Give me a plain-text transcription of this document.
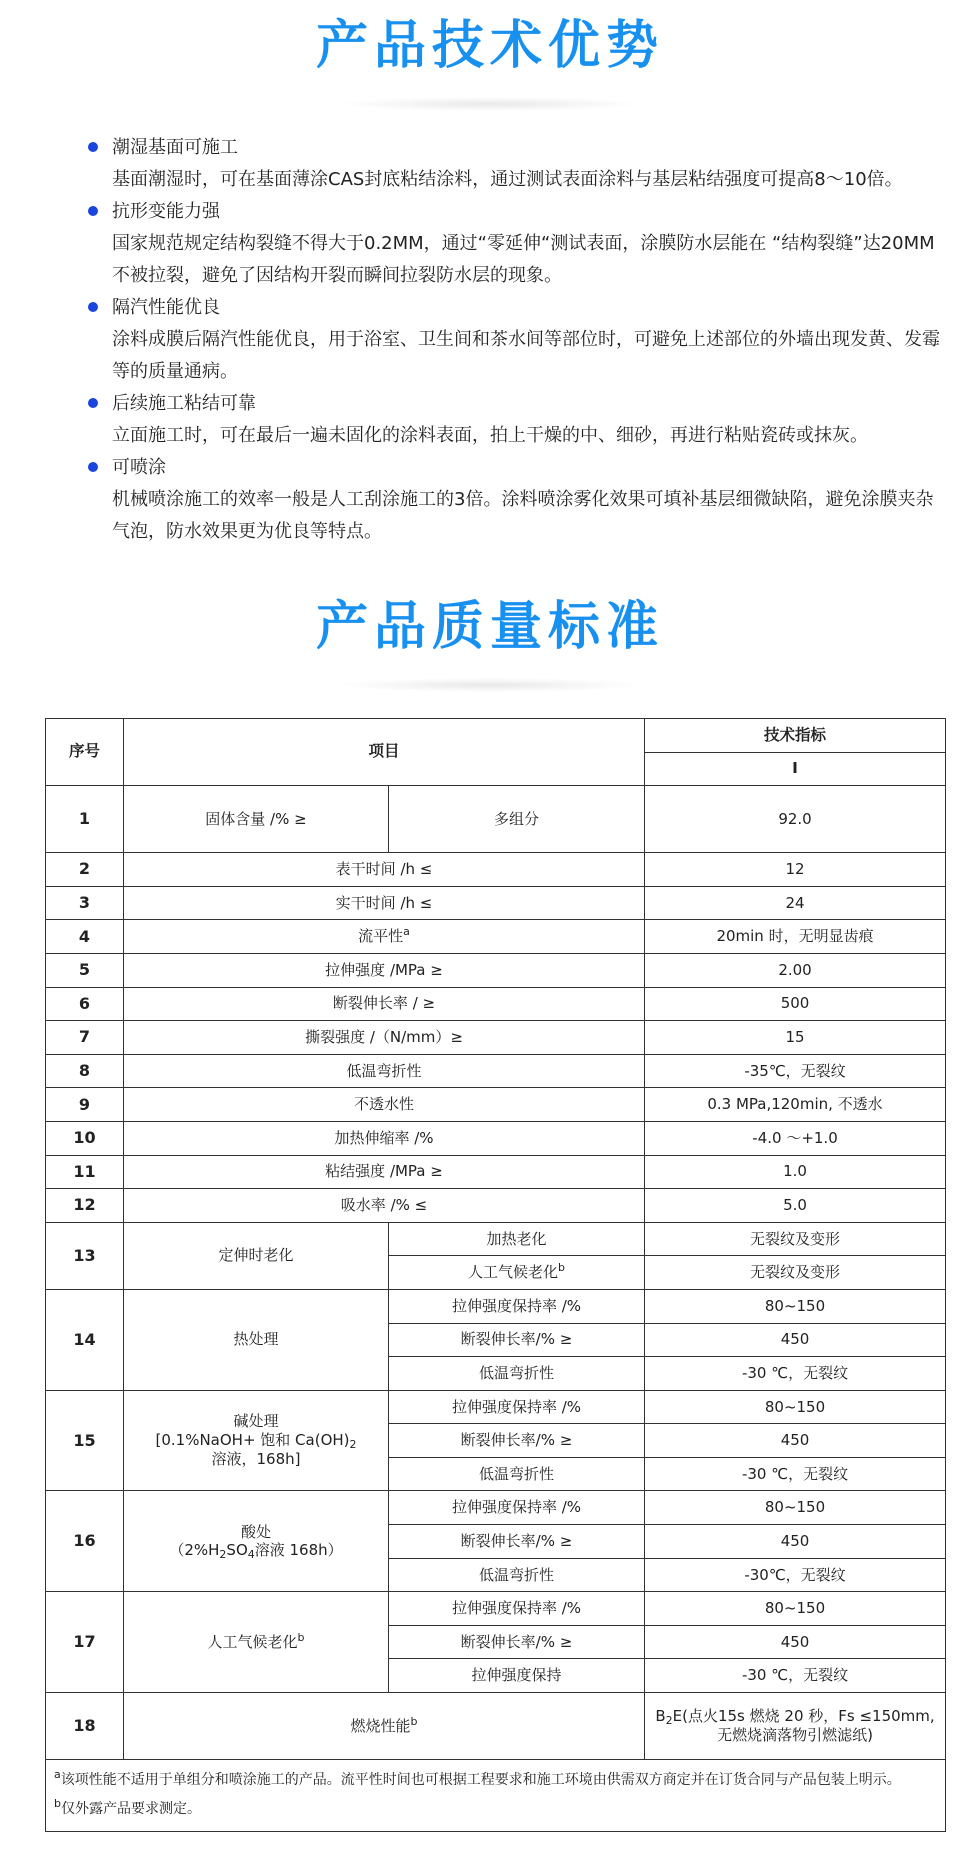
产品技术优势
潮湿基面可施工
基面潮湿时，可在基面薄涂CAS封底粘结涂料，通过测试表面涂料与基层粘结强度可提高8～10倍。
抗形变能力强
国家规范规定结构裂缝不得大于0.2MM，通过“零延伸“测试表面，涂膜防水层能在 “结构裂缝”达20MM不被拉裂，避免了因结构开裂而瞬间拉裂防水层的现象。
隔汽性能优良
涂料成膜后隔汽性能优良，用于浴室、卫生间和茶水间等部位时，可避免上述部位的外墙出现发黄、发霉等的质量通病。
后续施工粘结可靠
立面施工时，可在最后一遍未固化的涂料表面，拍上干燥的中、细砂，再进行粘贴瓷砖或抹灰。
可喷涂
机械喷涂施工的效率一般是人工刮涂施工的3倍。涂料喷涂雾化效果可填补基层细微缺陷，避免涂膜夹杂气泡，防水效果更为优良等特点。
产品质量标准
序号	项目		技术指标
			I
1	固体含量 /% ≥	多组分	92.0
2	表干时间 /h ≤		12
3	实干时间 /h ≤		24
4	流平性$^a$		20min 时，无明显齿痕
5	拉伸强度 /MPa ≥		2.00
6	断裂伸长率 / ≥		500
7	撕裂强度 /（N/mm）≥		15
8	低温弯折性		-35℃，无裂纹
9	不透水性		0.3 MPa,120min, 不透水
10	加热伸缩率 /%		-4.0 ～+1.0
11	粘结强度 /MPa ≥		1.0
12	吸水率 /% ≤		5.0
13	定伸时老化	加热老化	无裂纹及变形
		人工气候老化$^b$	无裂纹及变形
14	热处理	拉伸强度保持率 /%	80~150
		断裂伸长率/% ≥	450
		低温弯折性	-30 ℃，无裂纹
15	碱处理
[0.1%NaOH+ 饱和 $Ca(OH)_2$
溶液，168h]	拉伸强度保持率 /%	80~150
		断裂伸长率/% ≥	450
		低温弯折性	-30 ℃，无裂纹
16	酸处
（$2\%H_2SO_4$溶液 168h）	拉伸强度保持率 /%	80~150
		断裂伸长率/% ≥	450
		低温弯折性	-30℃，无裂纹
17	人工气候老化$^b$	拉伸强度保持率 /%	80~150
		断裂伸长率/% ≥	450
		拉伸强度保持	-30 ℃，无裂纹
18	燃烧性能$^b$		$B_2E$(点火15s 燃烧 20 秒，Fs ≤150mm,
无燃烧滴落物引燃滤纸)

$^a$该项性能不适用于单组分和喷涂施工的产品。流平性时间也可根据工程要求和施工环境由供需双方商定并在订货合同与产品包装上明示。
$^b$仅外露产品要求测定。			
